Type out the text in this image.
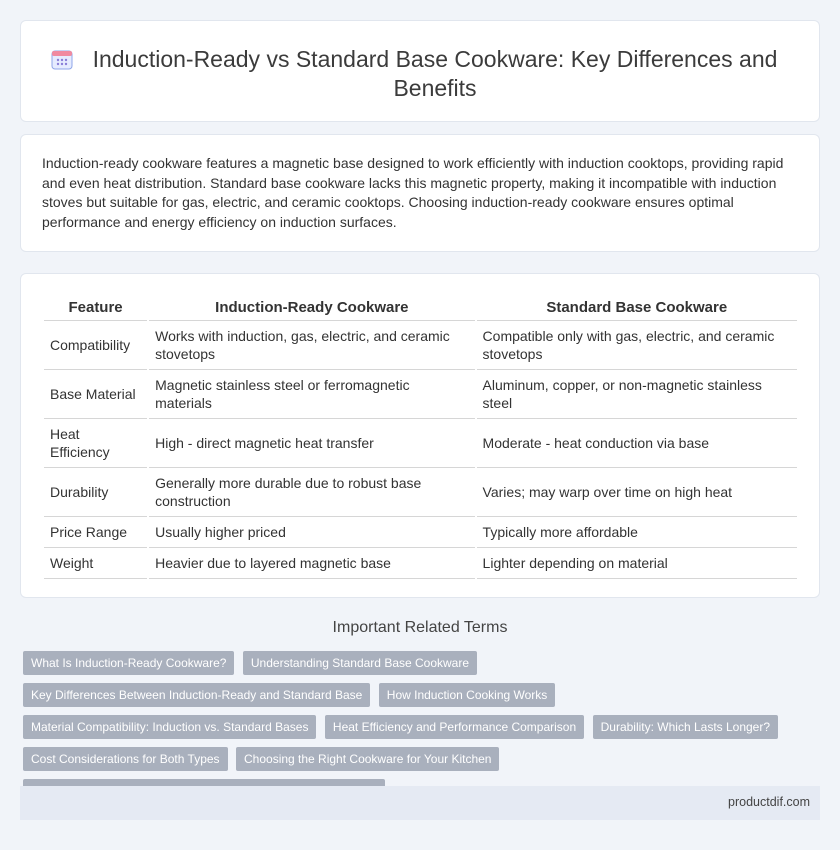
Induction-Ready vs Standard Base Cookware: Key Differences and Benefits

Induction-ready cookware features a magnetic base designed to work efficiently with induction cooktops, providing rapid and even heat distribution. Standard base cookware lacks this magnetic property, making it incompatible with induction stoves but suitable for gas, electric, and ceramic cooktops. Choosing induction-ready cookware ensures optimal performance and energy efficiency on induction surfaces.

Feature	Induction-Ready Cookware	Standard Base Cookware
Compatibility	Works with induction, gas, electric, and ceramic stovetops	Compatible only with gas, electric, and ceramic stovetops
Base Material	Magnetic stainless steel or ferromagnetic materials	Aluminum, copper, or non-magnetic stainless steel
Heat Efficiency	High - direct magnetic heat transfer	Moderate - heat conduction via base
Durability	Generally more durable due to robust base construction	Varies; may warp over time on high heat
Price Range	Usually higher priced	Typically more affordable
Weight	Heavier due to layered magnetic base	Lighter depending on material
Important Related Terms
What Is Induction-Ready Cookware? Understanding Standard Base Cookware Key Differences Between Induction-Ready and Standard Base How Induction Cooking Works Material Compatibility: Induction vs. Standard Bases Heat Efficiency and Performance Comparison Durability: Which Lasts Longer? Cost Considerations for Both Types Choosing the Right Cookware for Your Kitchen
productdif.com
